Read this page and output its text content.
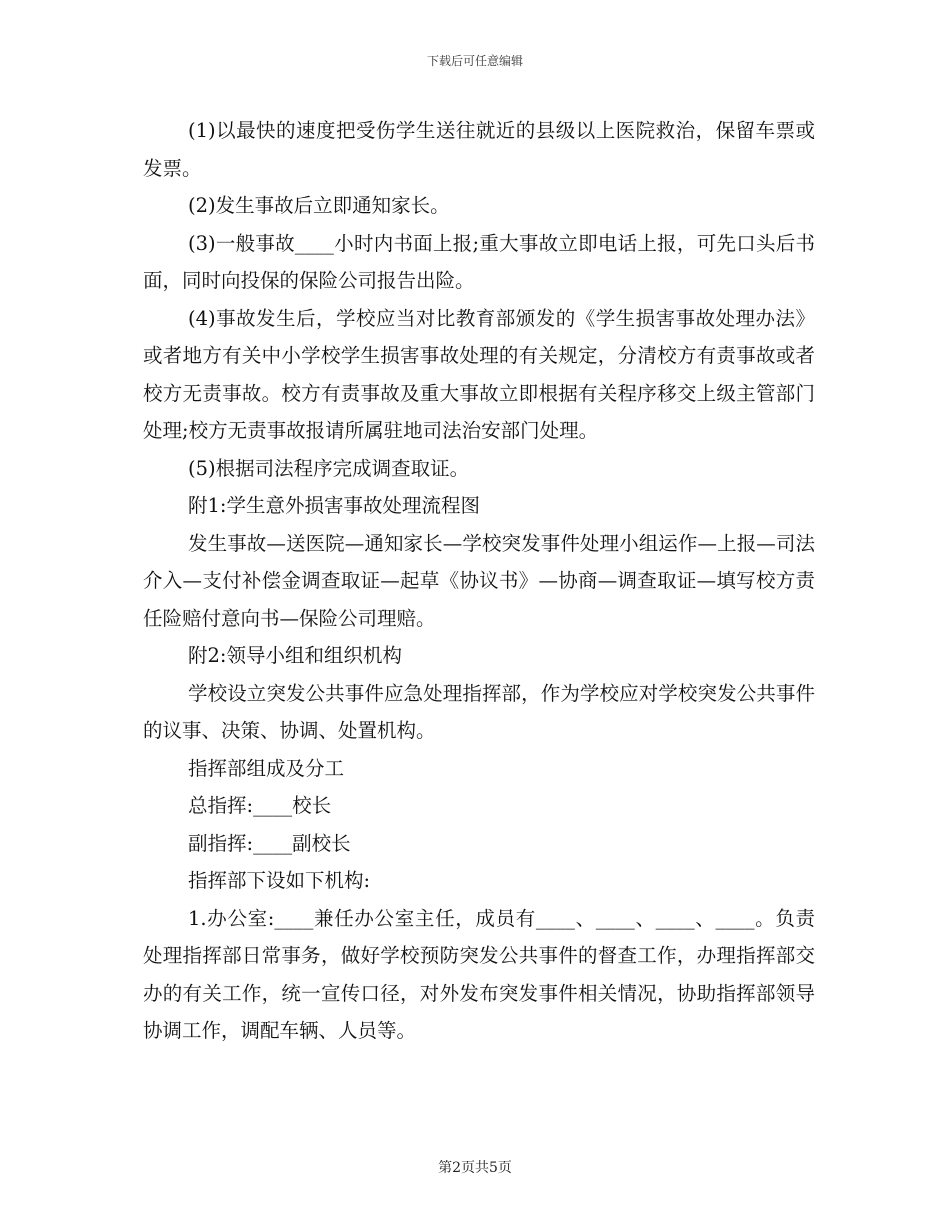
下载后可任意编辑

(1)以最快的速度把受伤学生送往就近的县级以上医院救治，保留车票或发票。

(2)发生事故后立即通知家长。

(3)一般事故____小时内书面上报;重大事故立即电话上报，可先口头后书面，同时向投保的保险公司报告出险。

(4)事故发生后，学校应当对比教育部颁发的《学生损害事故处理办法》或者地方有关中小学校学生损害事故处理的有关规定，分清校方有责事故或者校方无责事故。校方有责事故及重大事故立即根据有关程序移交上级主管部门处理;校方无责事故报请所属驻地司法治安部门处理。

(5)根据司法程序完成调查取证。

附1:学生意外损害事故处理流程图

发生事故—送医院—通知家长—学校突发事件处理小组运作—上报—司法介入—支付补偿金调查取证—起草《协议书》—协商—调查取证—填写校方责任险赔付意向书—保险公司理赔。

附2:领导小组和组织机构

学校设立突发公共事件应急处理指挥部，作为学校应对学校突发公共事件的议事、决策、协调、处置机构。

指挥部组成及分工

总指挥:____校长

副指挥:____副校长

指挥部下设如下机构:

1.办公室:____兼任办公室主任，成员有____、____、____、____。负责处理指挥部日常事务，做好学校预防突发公共事件的督查工作，办理指挥部交办的有关工作，统一宣传口径，对外发布突发事件相关情况，协助指挥部领导协调工作，调配车辆、人员等。

第2页共5页
